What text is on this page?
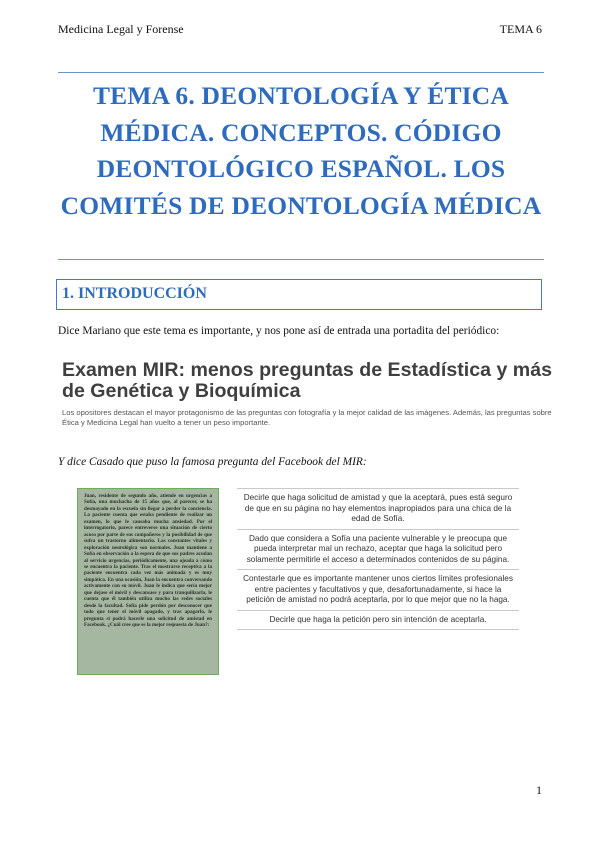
Medicina Legal y Forense	TEMA 6
TEMA 6. DEONTOLOGÍA Y ÉTICA MÉDICA. CONCEPTOS. CÓDIGO DEONTOLÓGICO ESPAÑOL. LOS COMITÉS DE DEONTOLOGÍA MÉDICA
1. INTRODUCCIÓN
Dice Mariano que este tema es importante, y nos pone así de entrada una portadita del periódico:

Examen MIR: menos preguntas de Estadística y más de Genética y Bioquímica

Los opositores destacan el mayor protagonismo de las preguntas con fotografía y la mejor calidad de las imágenes. Además, las preguntas sobre Ética y Medicina Legal han vuelto a tener un peso importante.
Y dice Casado que puso la famosa pregunta del Facebook del MIR:
Juan, residente de segundo año, atiende en urgencias a Sofía, una muchacha de 15 años que, al parecer, se ha desmayado en la escuela sin llegar a perder la conciencia. La paciente cuenta que estaba pendiente de realizar un examen, lo que le causaba mucha ansiedad. Por el interrogatorio, parece entreverse una situación de cierto acoso por parte de sus compañeros y la posibilidad de que sufra un trastorno alimentario. Las constantes vitales y exploración neurológica son normales. Juan mantiene a Sofía en observación a la espera de que sus padres acudan al servicio urgencias, periódicamente, una ojeada a cómo se encuentra la paciente. Tras el mostrarse receptiva a la paciente encuentra cada vez más animada y es muy simpática. En una ocasión, Juan la encuentra conversando activamente con su móvil. Juan le indica que sería mejor que dejase el móvil y descansase y para tranquilizarla, le cuenta que él también utiliza mucho las redes sociales desde la facultad. Sofía pide perdón por desconocer que todo que tener el móvil apagado, y tras apagarlo, le pregunta si podrá hacerle una solicitud de amistad en Facebook. ¿Cuál cree que es la mejor respuesta de Juan?:
Decirle que haga solicitud de amistad y que la aceptará, pues está seguro de que en su página no hay elementos inapropiados para una chica de la edad de Sofía.
Dado que considera a Sofía una paciente vulnerable y le preocupa que pueda interpretar mal un rechazo, aceptar que haga la solicitud pero solamente permitirle el acceso a determinados contenidos de su página.
Contestarle que es importante mantener unos ciertos límites profesionales entre pacientes y facultativos y que, desafortunadamente, si hace la petición de amistad no podrá aceptarla, por lo que mejor que no la haga.
Decirle que haga la petición pero sin intención de aceptarla.
1
